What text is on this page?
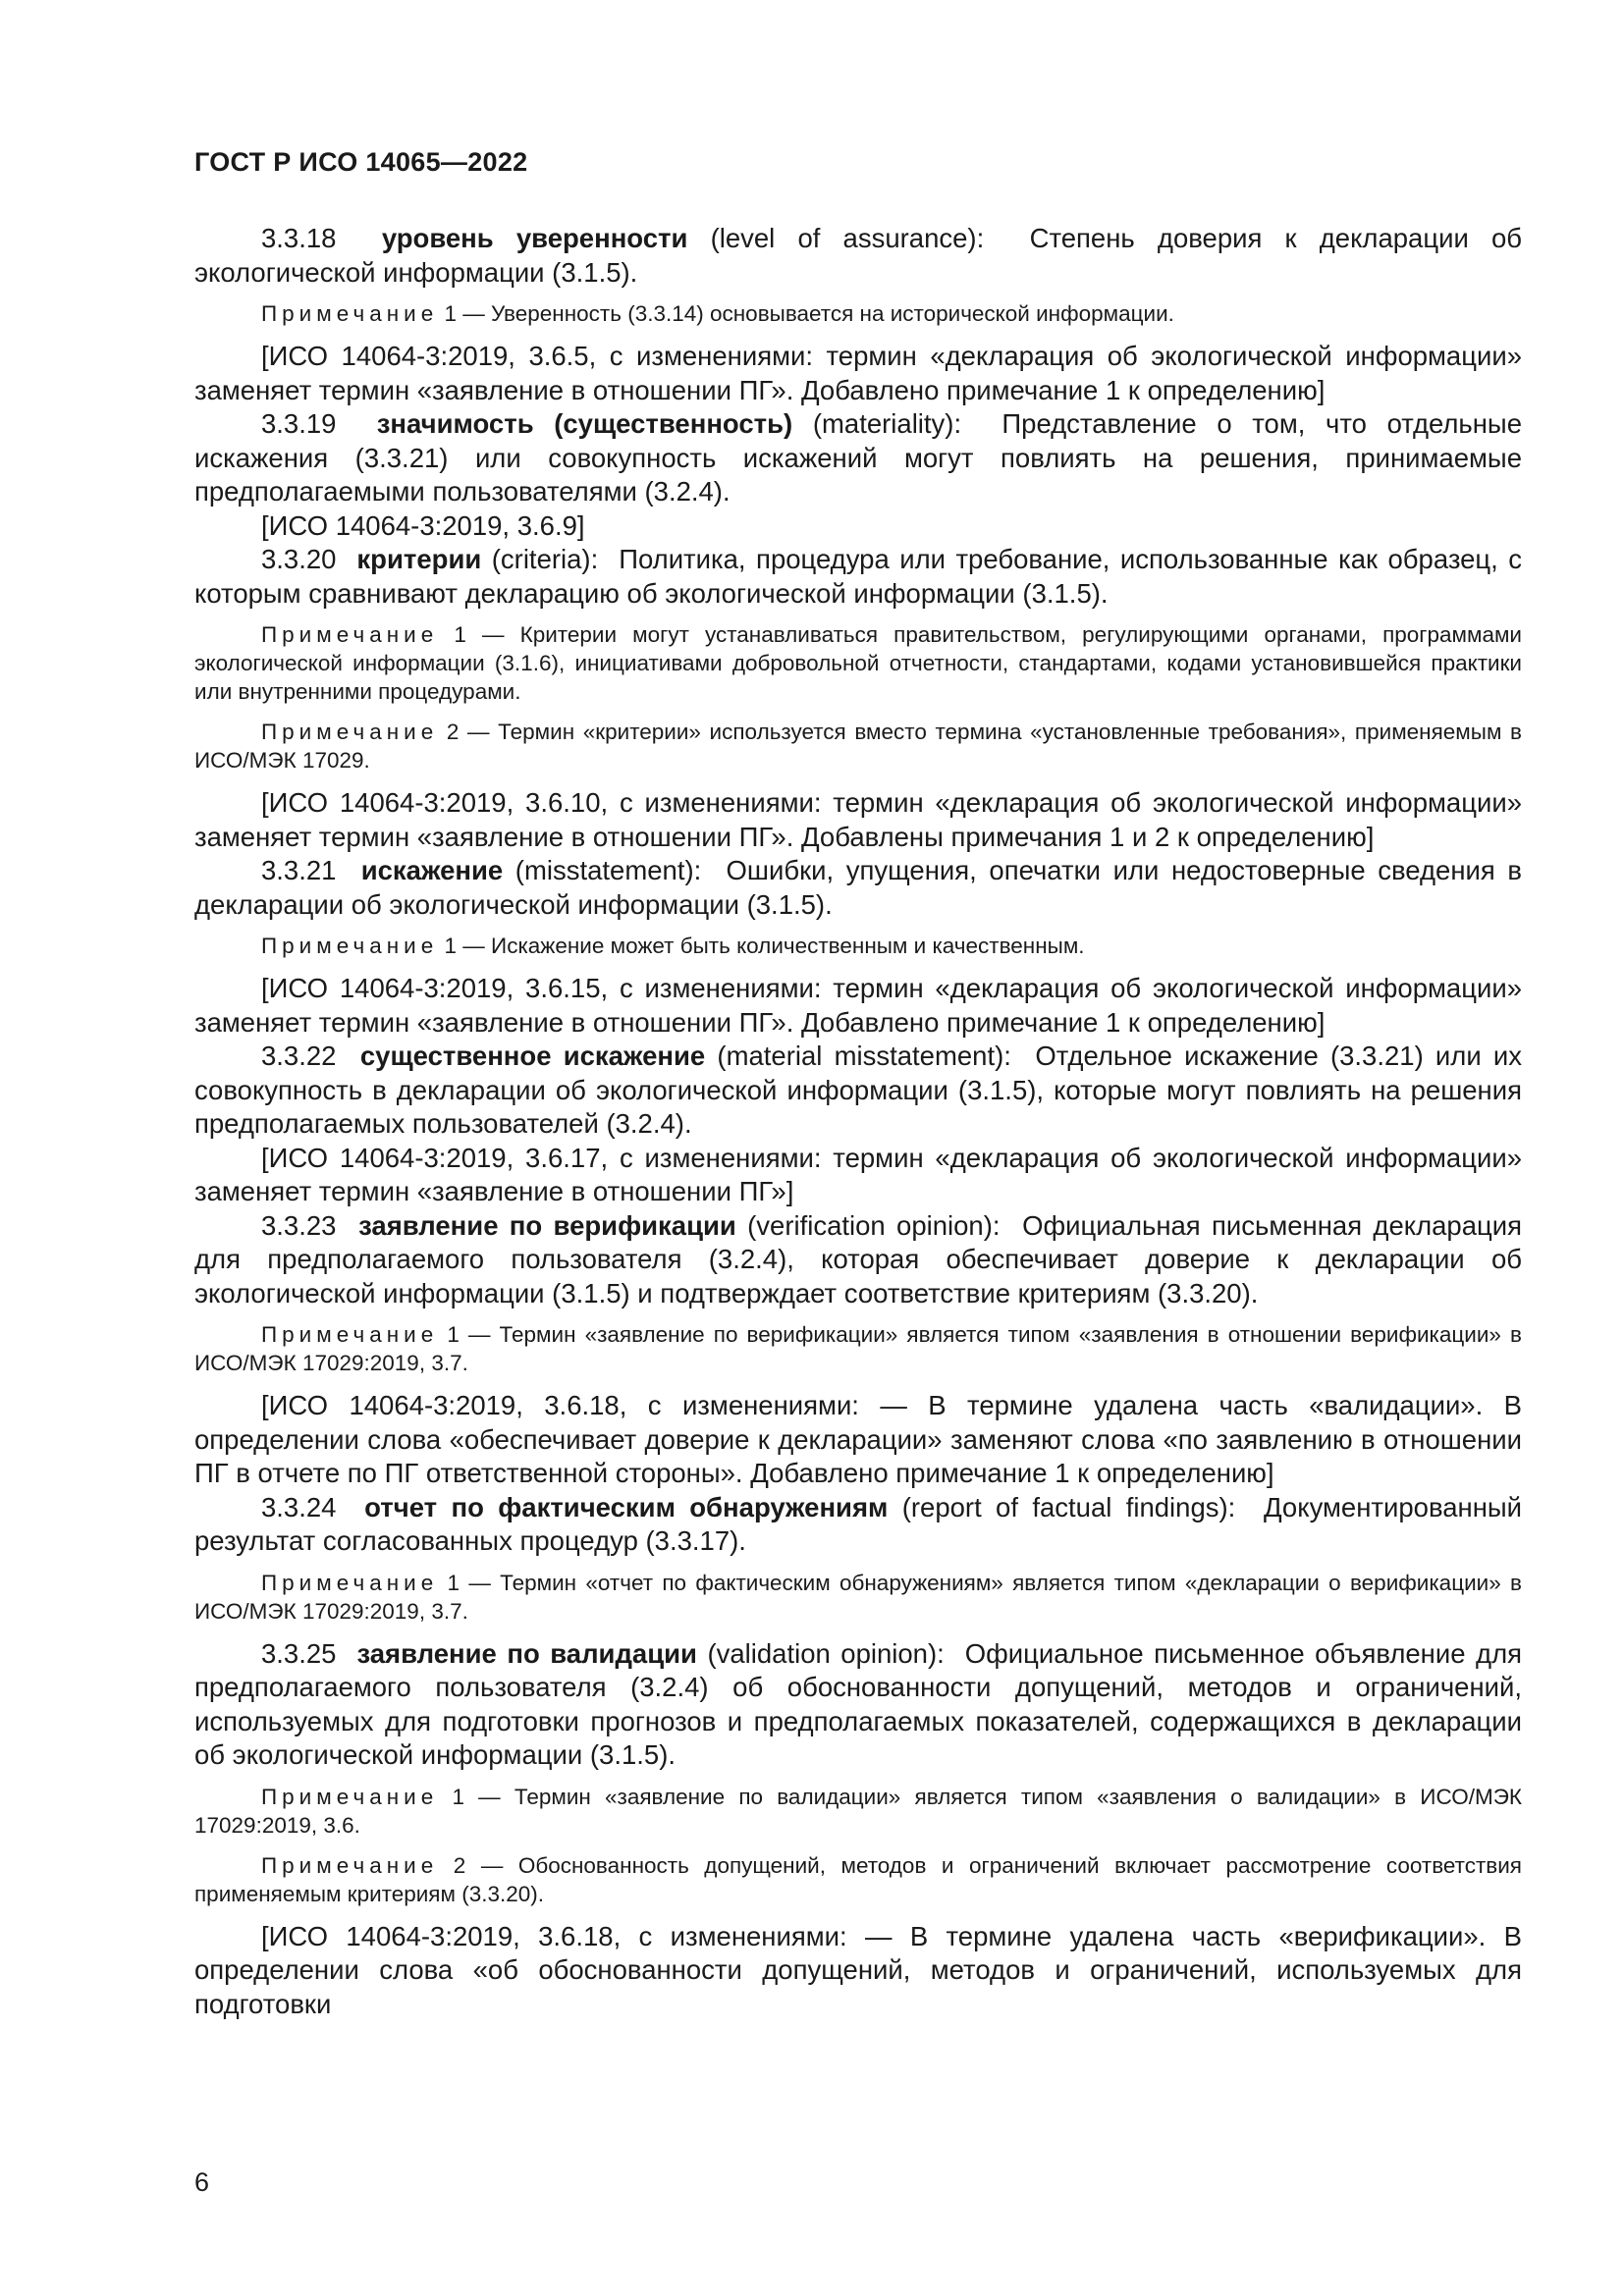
ГОСТ Р ИСО 14065—2022

3.3.18 уровень уверенности (level of assurance): Степень доверия к декларации об экологической информации (3.1.5).

Примечание 1 — Уверенность (3.3.14) основывается на исторической информации.

[ИСО 14064-3:2019, 3.6.5, с изменениями: термин «декларация об экологической информации» заменяет термин «заявление в отношении ПГ». Добавлено примечание 1 к определению]

3.3.19 значимость (существенность) (materiality): Представление о том, что отдельные искажения (3.3.21) или совокупность искажений могут повлиять на решения, принимаемые предполагаемыми пользователями (3.2.4).

[ИСО 14064-3:2019, 3.6.9]

3.3.20 критерии (criteria): Политика, процедура или требование, использованные как образец, с которым сравнивают декларацию об экологической информации (3.1.5).

Примечание 1 — Критерии могут устанавливаться правительством, регулирующими органами, программами экологической информации (3.1.6), инициативами добровольной отчетности, стандартами, кодами установившейся практики или внутренними процедурами.

Примечание 2 — Термин «критерии» используется вместо термина «установленные требования», применяемым в ИСО/МЭК 17029.

[ИСО 14064-3:2019, 3.6.10, с изменениями: термин «декларация об экологической информации» заменяет термин «заявление в отношении ПГ». Добавлены примечания 1 и 2 к определению]

3.3.21 искажение (misstatement): Ошибки, упущения, опечатки или недостоверные сведения в декларации об экологической информации (3.1.5).

Примечание 1 — Искажение может быть количественным и качественным.

[ИСО 14064-3:2019, 3.6.15, с изменениями: термин «декларация об экологической информации» заменяет термин «заявление в отношении ПГ». Добавлено примечание 1 к определению]

3.3.22 существенное искажение (material misstatement): Отдельное искажение (3.3.21) или их совокупность в декларации об экологической информации (3.1.5), которые могут повлиять на решения предполагаемых пользователей (3.2.4).

[ИСО 14064-3:2019, 3.6.17, с изменениями: термин «декларация об экологической информации» заменяет термин «заявление в отношении ПГ»]

3.3.23 заявление по верификации (verification opinion): Официальная письменная декларация для предполагаемого пользователя (3.2.4), которая обеспечивает доверие к декларации об экологической информации (3.1.5) и подтверждает соответствие критериям (3.3.20).

Примечание 1 — Термин «заявление по верификации» является типом «заявления в отношении верификации» в ИСО/МЭК 17029:2019, 3.7.

[ИСО 14064-3:2019, 3.6.18, с изменениями: — В термине удалена часть «валидации». В определении слова «обеспечивает доверие к декларации» заменяют слова «по заявлению в отношении ПГ в отчете по ПГ ответственной стороны». Добавлено примечание 1 к определению]

3.3.24 отчет по фактическим обнаружениям (report of factual findings): Документированный результат согласованных процедур (3.3.17).

Примечание 1 — Термин «отчет по фактическим обнаружениям» является типом «декларации о верификации» в ИСО/МЭК 17029:2019, 3.7.

3.3.25 заявление по валидации (validation opinion): Официальное письменное объявление для предполагаемого пользователя (3.2.4) об обоснованности допущений, методов и ограничений, используемых для подготовки прогнозов и предполагаемых показателей, содержащихся в декларации об экологической информации (3.1.5).

Примечание 1 — Термин «заявление по валидации» является типом «заявления о валидации» в ИСО/МЭК 17029:2019, 3.6.

Примечание 2 — Обоснованность допущений, методов и ограничений включает рассмотрение соответствия применяемым критериям (3.3.20).

[ИСО 14064-3:2019, 3.6.18, с изменениями: — В термине удалена часть «верификации». В определении слова «об обоснованности допущений, методов и ограничений, используемых для подготовки

6
